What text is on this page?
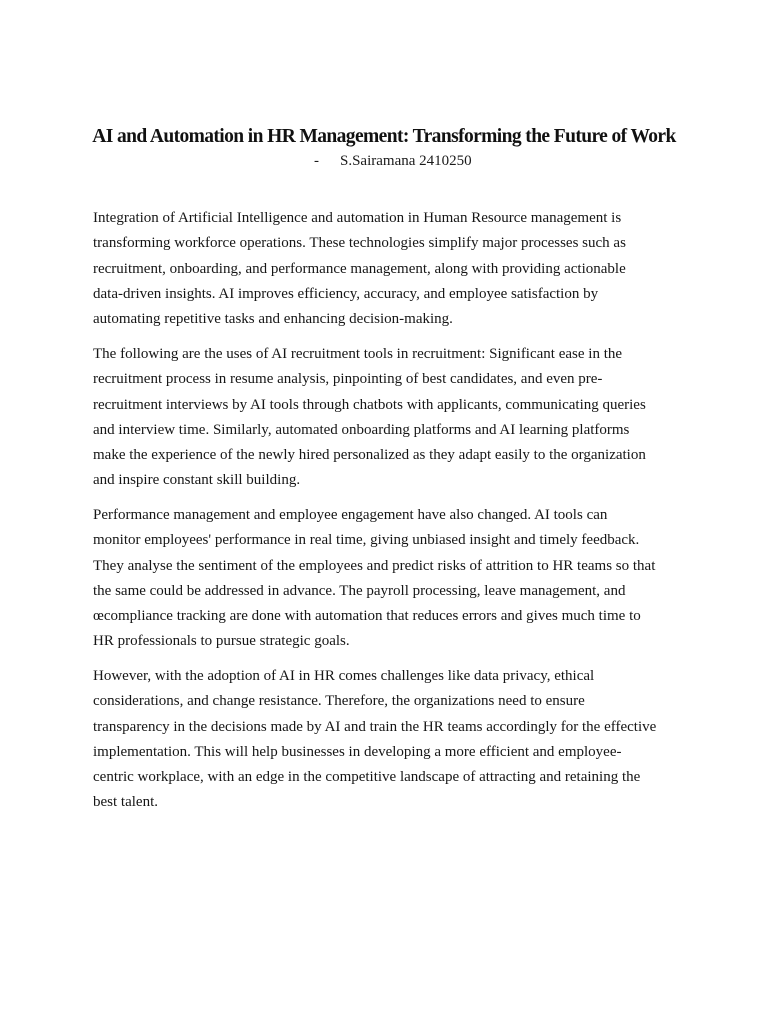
AI and Automation in HR Management: Transforming the Future of Work
- S.Sairamana 2410250
Integration of Artificial Intelligence and automation in Human Resource management is
transforming workforce operations. These technologies simplify major processes such as
recruitment, onboarding, and performance management, along with providing actionable
data-driven insights. AI improves efficiency, accuracy, and employee satisfaction by
automating repetitive tasks and enhancing decision-making.
The following are the uses of AI recruitment tools in recruitment: Significant ease in the
recruitment process in resume analysis, pinpointing of best candidates, and even pre-
recruitment interviews by AI tools through chatbots with applicants, communicating queries
and interview time. Similarly, automated onboarding platforms and AI learning platforms
make the experience of the newly hired personalized as they adapt easily to the organization
and inspire constant skill building.
Performance management and employee engagement have also changed. AI tools can
monitor employees' performance in real time, giving unbiased insight and timely feedback.
They analyse the sentiment of the employees and predict risks of attrition to HR teams so that
the same could be addressed in advance. The payroll processing, leave management, and
œcompliance tracking are done with automation that reduces errors and gives much time to
HR professionals to pursue strategic goals.
However, with the adoption of AI in HR comes challenges like data privacy, ethical
considerations, and change resistance. Therefore, the organizations need to ensure
transparency in the decisions made by AI and train the HR teams accordingly for the effective
implementation. This will help businesses in developing a more efficient and employee-
centric workplace, with an edge in the competitive landscape of attracting and retaining the
best talent.
